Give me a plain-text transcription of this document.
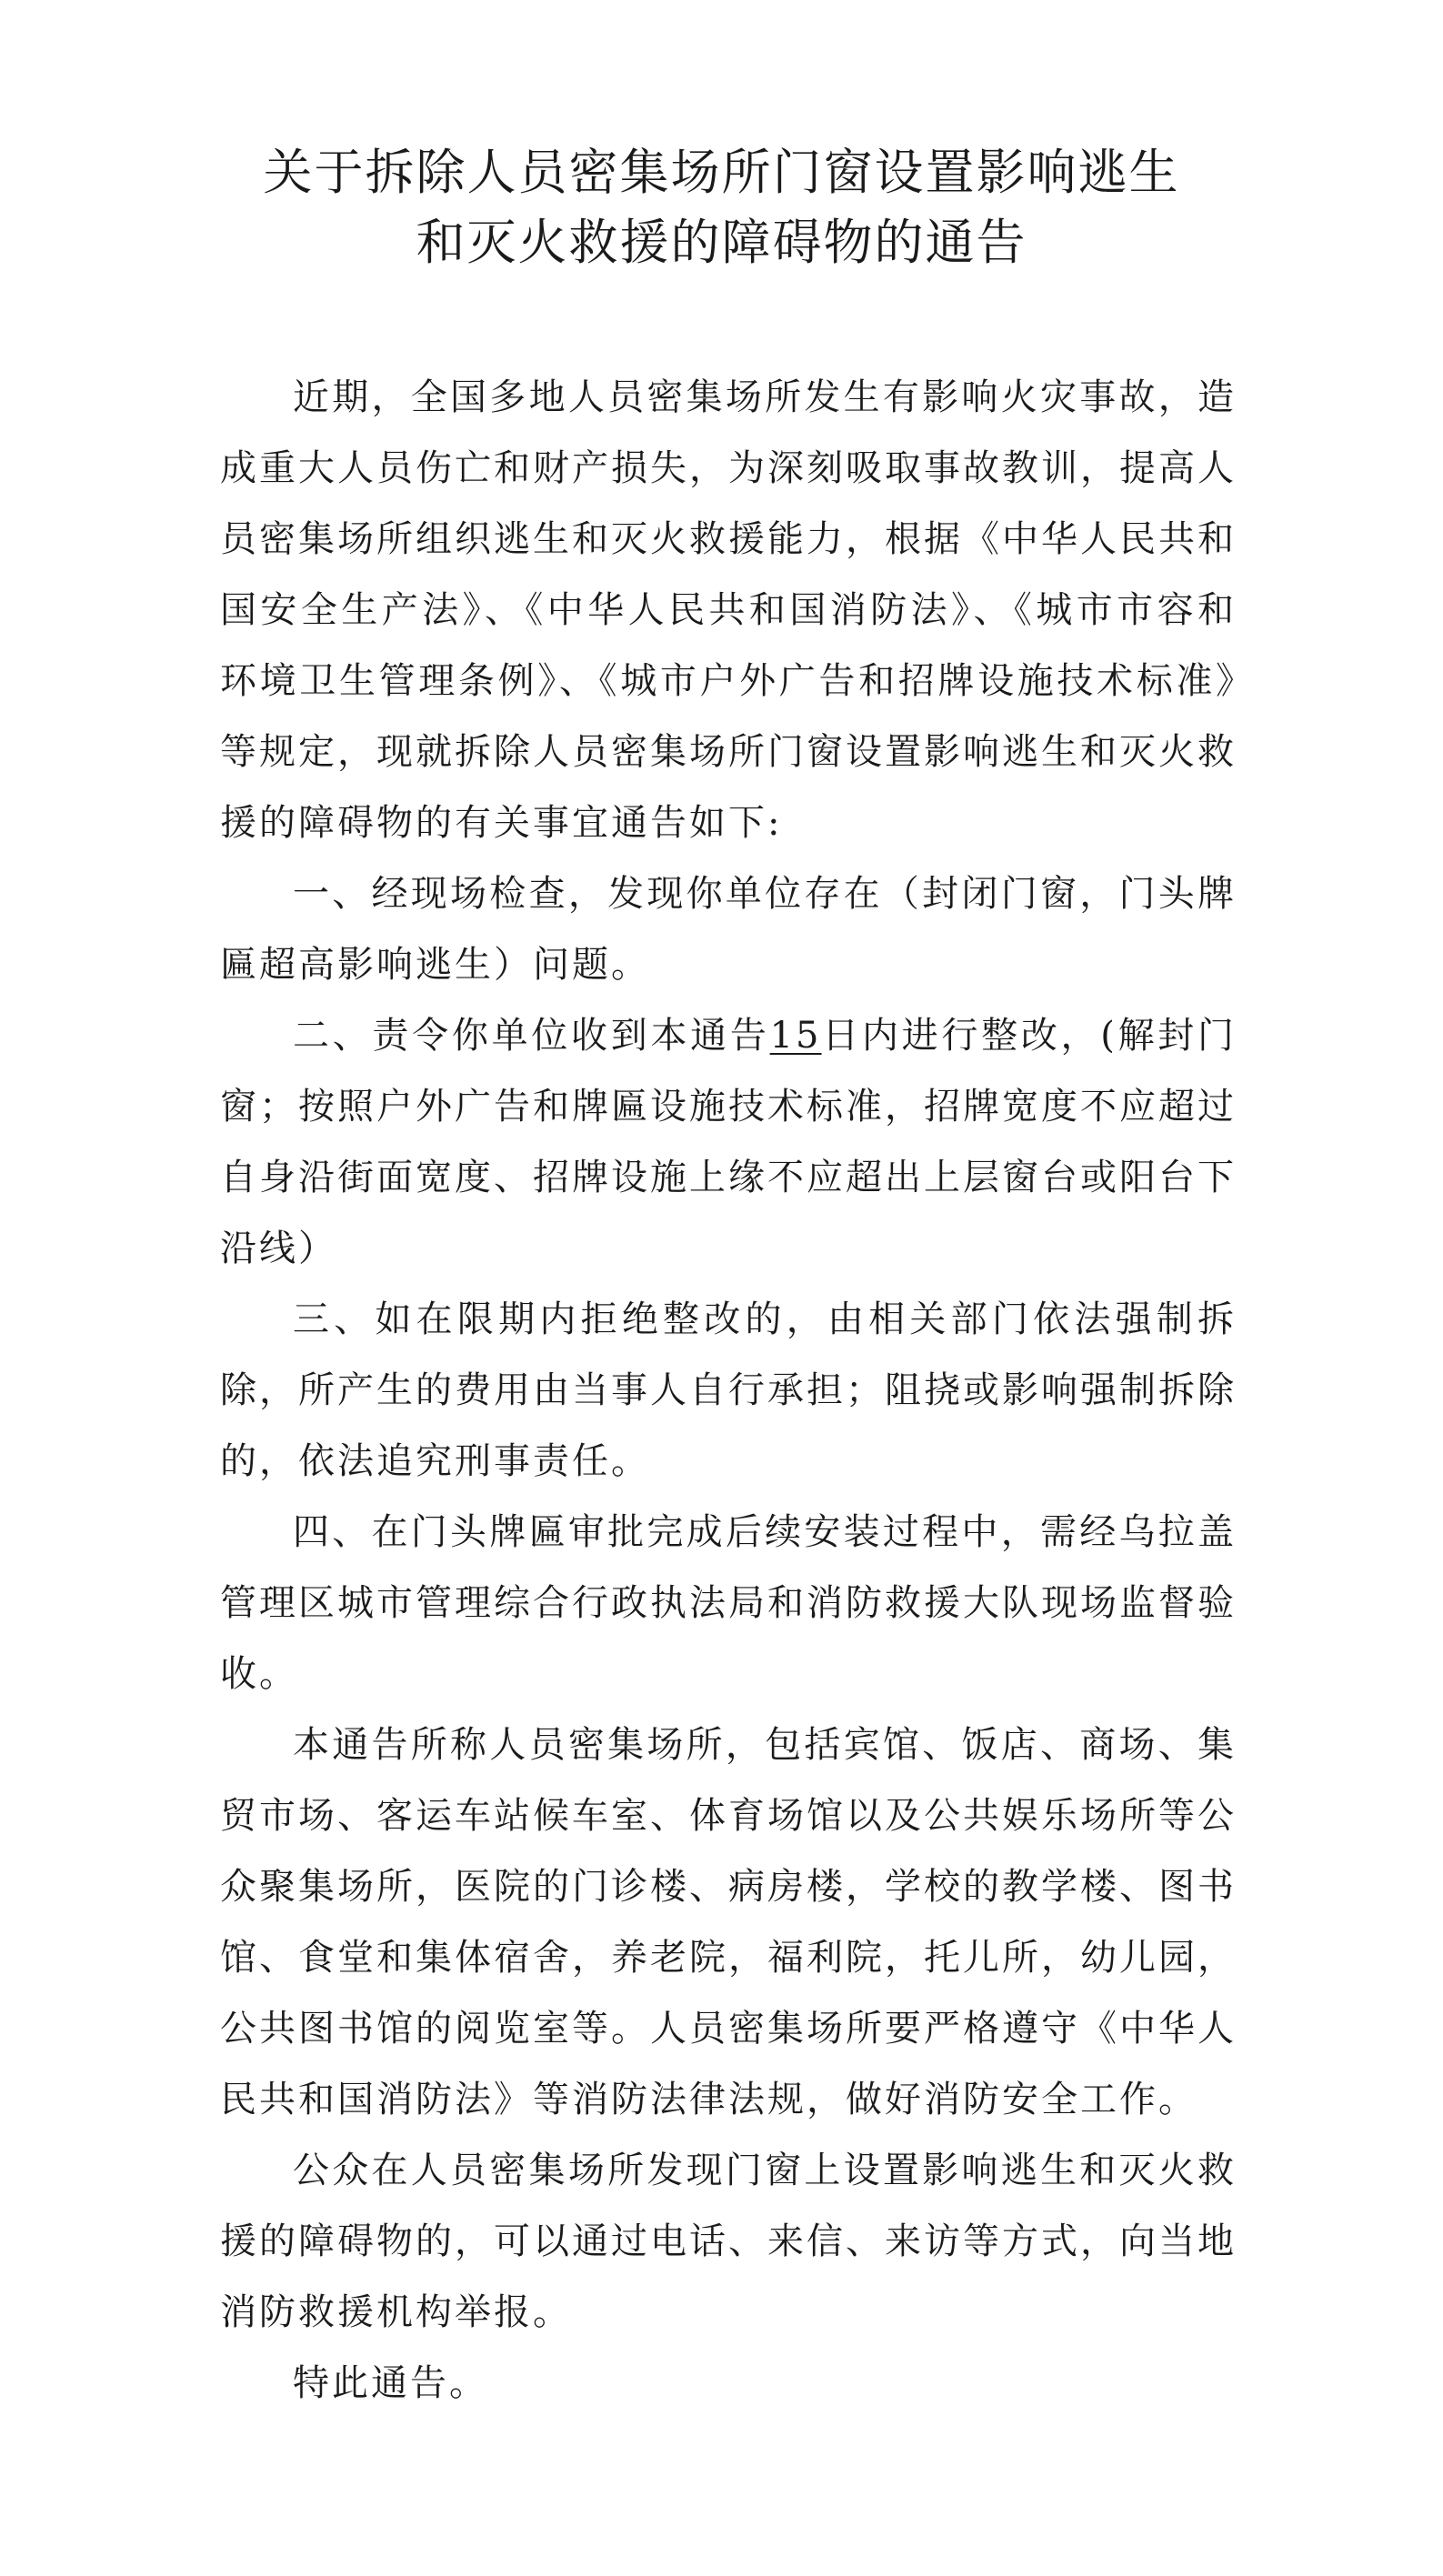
关于拆除人员密集场所门窗设置影响逃生
和灭火救援的障碍物的通告

近期，全国多地人员密集场所发生有影响火灾事故，造成重大人员伤亡和财产损失，为深刻吸取事故教训，提高人员密集场所组织逃生和灭火救援能力，根据《中华人民共和国安全生产法》、《中华人民共和国消防法》、《城市市容和环境卫生管理条例》、《城市户外广告和招牌设施技术标准》等规定，现就拆除人员密集场所门窗设置影响逃生和灭火救援的障碍物的有关事宜通告如下:

一、经现场检查，发现你单位存在（封闭门窗，门头牌匾超高影响逃生）问题。

二、责令你单位收到本通告15日内进行整改，(解封门窗；按照户外广告和牌匾设施技术标准，招牌宽度不应超过自身沿街面宽度、招牌设施上缘不应超出上层窗台或阳台下沿线）

三、如在限期内拒绝整改的，由相关部门依法强制拆除，所产生的费用由当事人自行承担；阻挠或影响强制拆除的，依法追究刑事责任。

四、在门头牌匾审批完成后续安装过程中，需经乌拉盖管理区城市管理综合行政执法局和消防救援大队现场监督验收。

本通告所称人员密集场所，包括宾馆、饭店、商场、集贸市场、客运车站候车室、体育场馆以及公共娱乐场所等公众聚集场所，医院的门诊楼、病房楼，学校的教学楼、图书馆、食堂和集体宿舍，养老院，福利院，托儿所，幼儿园，公共图书馆的阅览室等。人员密集场所要严格遵守《中华人民共和国消防法》等消防法律法规，做好消防安全工作。

公众在人员密集场所发现门窗上设置影响逃生和灭火救援的障碍物的，可以通过电话、来信、来访等方式，向当地消防救援机构举报。

特此通告。
